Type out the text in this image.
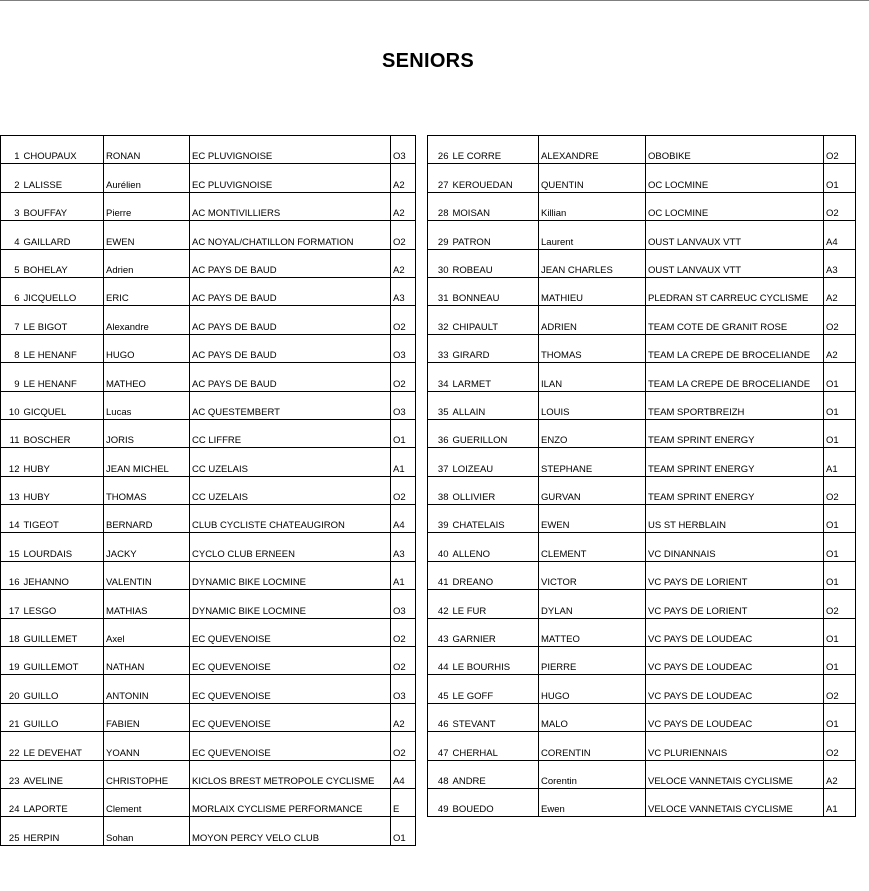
SENIORS
1	CHOUPAUX	RONAN	EC PLUVIGNOISE	O3
2	LALISSE	Aurélien	EC PLUVIGNOISE	A2
3	BOUFFAY	Pierre	AC MONTIVILLIERS	A2
4	GAILLARD	EWEN	AC NOYAL/CHATILLON FORMATION	O2
5	BOHELAY	Adrien	AC PAYS DE BAUD	A2
6	JICQUELLO	ERIC	AC PAYS DE BAUD	A3
7	LE BIGOT	Alexandre	AC PAYS DE BAUD	O2
8	LE HENANF	HUGO	AC PAYS DE BAUD	O3
9	LE HENANF	MATHEO	AC PAYS DE BAUD	O2
10	GICQUEL	Lucas	AC QUESTEMBERT	O3
11	BOSCHER	JORIS	CC LIFFRE	O1
12	HUBY	JEAN MICHEL	CC UZELAIS	A1
13	HUBY	THOMAS	CC UZELAIS	O2
14	TIGEOT	BERNARD	CLUB CYCLISTE CHATEAUGIRON	A4
15	LOURDAIS	JACKY	CYCLO CLUB ERNEEN	A3
16	JEHANNO	VALENTIN	DYNAMIC BIKE LOCMINE	A1
17	LESGO	MATHIAS	DYNAMIC BIKE LOCMINE	O3
18	GUILLEMET	Axel	EC QUEVENOISE	O2
19	GUILLEMOT	NATHAN	EC QUEVENOISE	O2
20	GUILLO	ANTONIN	EC QUEVENOISE	O3
21	GUILLO	FABIEN	EC QUEVENOISE	A2
22	LE DEVEHAT	YOANN	EC QUEVENOISE	O2
23	AVELINE	CHRISTOPHE	KICLOS BREST METROPOLE CYCLISME	A4
24	LAPORTE	Clement	MORLAIX CYCLISME PERFORMANCE	E
25	HERPIN	Sohan	MOYON PERCY VELO CLUB	O1
26	LE CORRE	ALEXANDRE	OBOBIKE	O2
27	KEROUEDAN	QUENTIN	OC LOCMINE	O1
28	MOISAN	Killian	OC LOCMINE	O2
29	PATRON	Laurent	OUST LANVAUX VTT	A4
30	ROBEAU	JEAN CHARLES	OUST LANVAUX VTT	A3
31	BONNEAU	MATHIEU	PLEDRAN ST CARREUC CYCLISME	A2
32	CHIPAULT	ADRIEN	TEAM COTE DE GRANIT ROSE	O2
33	GIRARD	THOMAS	TEAM LA CREPE DE BROCELIANDE	A2
34	LARMET	ILAN	TEAM LA CREPE DE BROCELIANDE	O1
35	ALLAIN	LOUIS	TEAM SPORTBREIZH	O1
36	GUERILLON	ENZO	TEAM SPRINT ENERGY	O1
37	LOIZEAU	STEPHANE	TEAM SPRINT ENERGY	A1
38	OLLIVIER	GURVAN	TEAM SPRINT ENERGY	O2
39	CHATELAIS	EWEN	US ST HERBLAIN	O1
40	ALLENO	CLEMENT	VC DINANNAIS	O1
41	DREANO	VICTOR	VC PAYS DE LORIENT	O1
42	LE FUR	DYLAN	VC PAYS DE LORIENT	O2
43	GARNIER	MATTEO	VC PAYS DE LOUDEAC	O1
44	LE BOURHIS	PIERRE	VC PAYS DE LOUDEAC	O1
45	LE GOFF	HUGO	VC PAYS DE LOUDEAC	O2
46	STEVANT	MALO	VC PAYS DE LOUDEAC	O1
47	CHERHAL	CORENTIN	VC PLURIENNAIS	O2
48	ANDRE	Corentin	VELOCE VANNETAIS CYCLISME	A2
49	BOUEDO	Ewen	VELOCE VANNETAIS CYCLISME	A1
